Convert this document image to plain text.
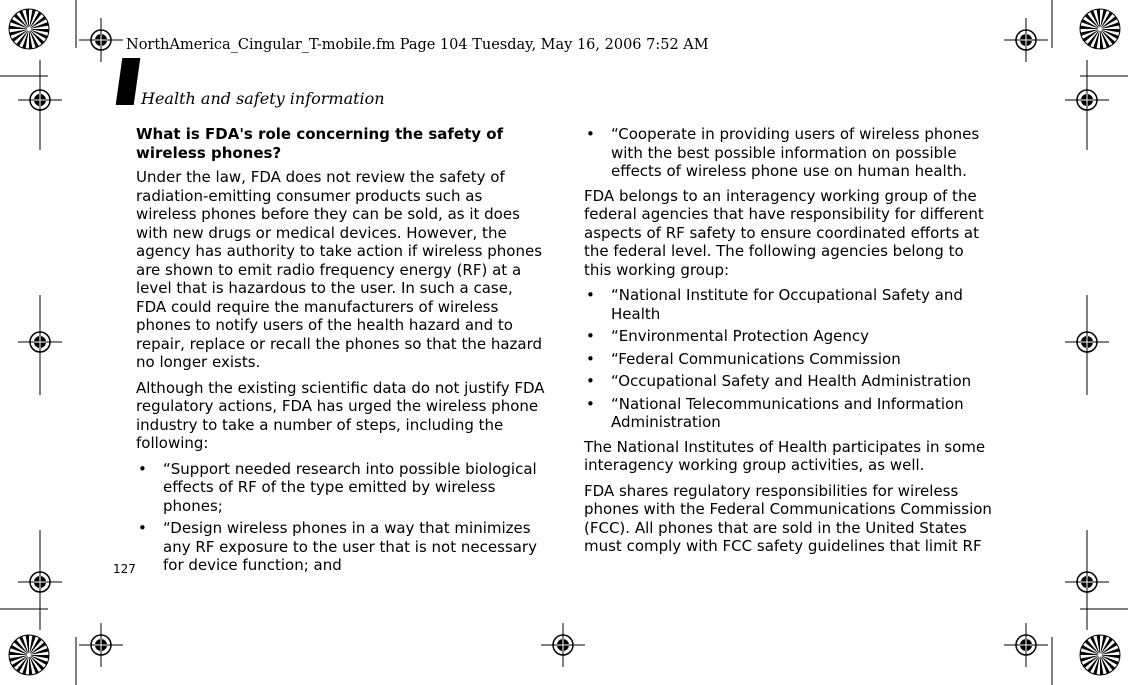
NorthAmerica_Cingular_T-mobile.fm Page 104 Tuesday, May 16, 2006 7:52 AM
Health and safety information
What is FDA's role concerning the safety of wireless phones?

Under the law, FDA does not review the safety of radiation-emitting consumer products such as wireless phones before they can be sold, as it does with new drugs or medical devices. However, the agency has authority to take action if wireless phones are shown to emit radio frequency energy (RF) at a level that is hazardous to the user. In such a case, FDA could require the manufacturers of wireless phones to notify users of the health hazard and to repair, replace or recall the phones so that the hazard no longer exists.

Although the existing scientific data do not justify FDA regulatory actions, FDA has urged the wireless phone industry to take a number of steps, including the following:

• “Support needed research into possible biological effects of RF of the type emitted by wireless phones;
• “Design wireless phones in a way that minimizes any RF exposure to the user that is not necessary for device function; and
• “Cooperate in providing users of wireless phones with the best possible information on possible effects of wireless phone use on human health.

FDA belongs to an interagency working group of the federal agencies that have responsibility for different aspects of RF safety to ensure coordinated efforts at the federal level. The following agencies belong to this working group:

• “National Institute for Occupational Safety and Health
• “Environmental Protection Agency
• “Federal Communications Commission
• “Occupational Safety and Health Administration
• “National Telecommunications and Information Administration

The National Institutes of Health participates in some interagency working group activities, as well.

FDA shares regulatory responsibilities for wireless phones with the Federal Communications Commission (FCC). All phones that are sold in the United States must comply with FCC safety guidelines that limit RF

127
